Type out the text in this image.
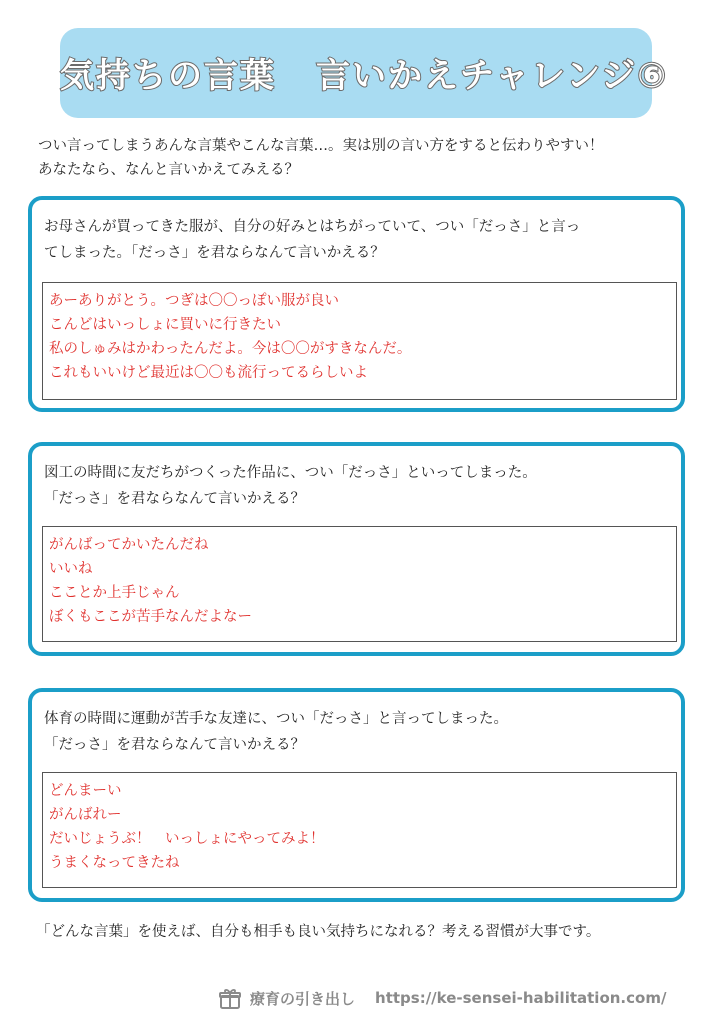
気持ちの言葉 言いかえチャレンジ⑥
つい言ってしまうあんな言葉やこんな言葉…。実は別の言い方をすると伝わりやすい！
あなたなら、なんと言いかえてみえる？
お母さんが買ってきた服が、自分の好みとはちがっていて、つい「だっさ」と言っ
てしまった。「だっさ」を君ならなんて言いかえる？
あーありがとう。つぎは〇〇っぽい服が良い
こんどはいっしょに買いに行きたい
私のしゅみはかわったんだよ。今は〇〇がすきなんだ。
これもいいけど最近は〇〇も流行ってるらしいよ
図工の時間に友だちがつくった作品に、つい「だっさ」といってしまった。
「だっさ」を君ならなんて言いかえる？
がんばってかいたんだね
いいね
こことか上手じゃん
ぼくもここが苦手なんだよなー
体育の時間に運動が苦手な友達に、つい「だっさ」と言ってしまった。
「だっさ」を君ならなんて言いかえる？
どんまーい
がんばれー
だいじょうぶ！　いっしょにやってみよ！
うまくなってきたね
「どんな言葉」を使えば、自分も相手も良い気持ちになれる？考える習慣が大事です。
療育の引き出し https://ke-sensei-habilitation.com/
